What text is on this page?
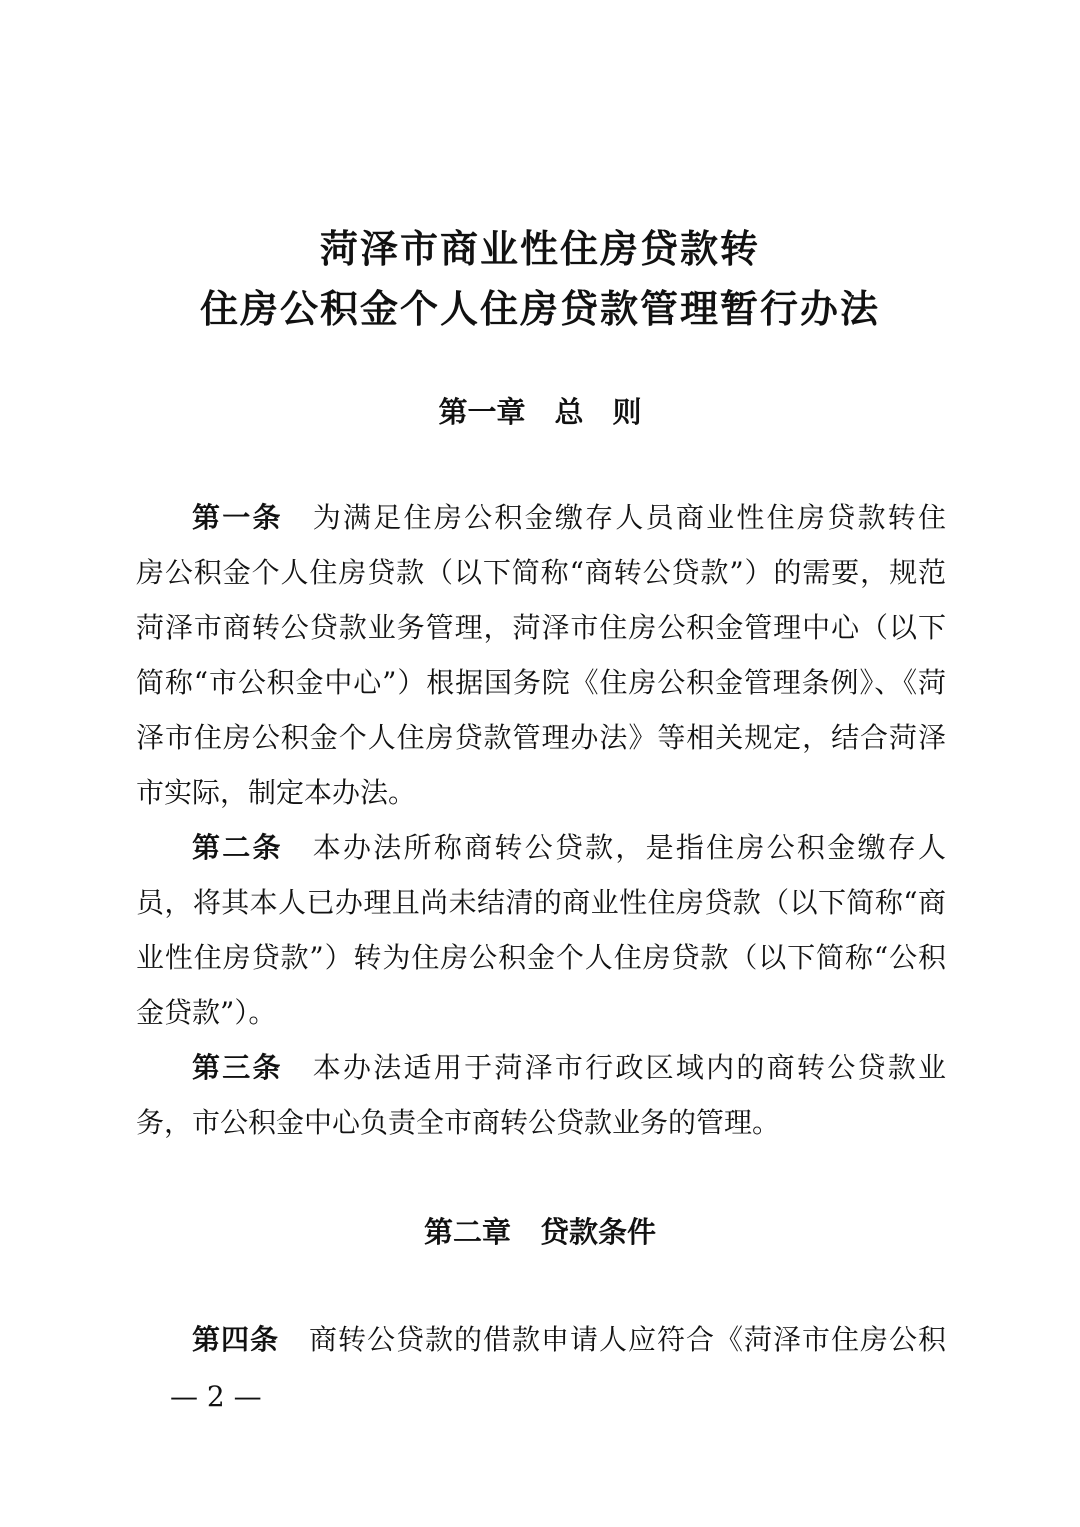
菏泽市商业性住房贷款转
住房公积金个人住房贷款管理暂行办法
第一章　总　则
第一条 为满足住房公积金缴存人员商业性住房贷款转住
房公积金个人住房贷款（以下简称“商转公贷款”）的需要，规范
菏泽市商转公贷款业务管理，菏泽市住房公积金管理中心（以下
简称“市公积金中心”）根据国务院《住房公积金管理条例》、《菏
泽市住房公积金个人住房贷款管理办法》等相关规定，结合菏泽
市实际，制定本办法。
第二条 本办法所称商转公贷款，是指住房公积金缴存人
员，将其本人已办理且尚未结清的商业性住房贷款（以下简称“商
业性住房贷款”）转为住房公积金个人住房贷款（以下简称“公积
金贷款”）。
第三条 本办法适用于菏泽市行政区域内的商转公贷款业
务，市公积金中心负责全市商转公贷款业务的管理。
第二章　贷款条件
第四条 商转公贷款的借款申请人应符合《菏泽市住房公积
— 2 —
